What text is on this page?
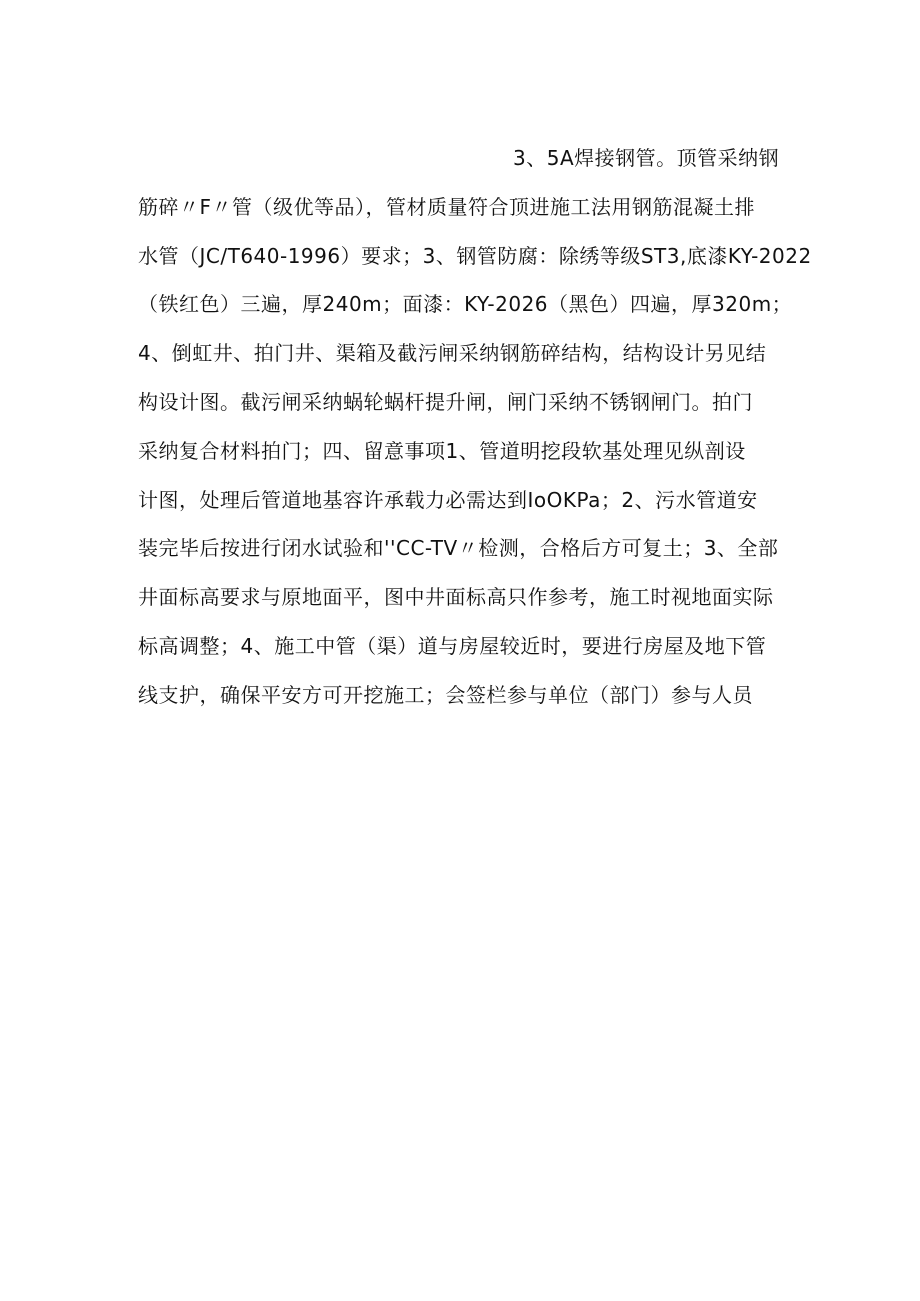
3、5A焊接钢管。顶管采纳钢
筋碎〃F〃管（级优等品），管材质量符合顶进施工法用钢筋混凝土排
水管（JC/T640-1996）要求；3、钢管防腐：除绣等级ST3,底漆KY-2022
（铁红色）三遍，厚240m；面漆：KY-2026（黑色）四遍，厚320m；
4、倒虹井、拍门井、渠箱及截污闸采纳钢筋碎结构，结构设计另见结
构设计图。截污闸采纳蜗轮蜗杆提升闸，闸门采纳不锈钢闸门。拍门
采纳复合材料拍门；四、留意事项1、管道明挖段软基处理见纵剖设
计图，处理后管道地基容许承载力必需达到IoOKPa；2、污水管道安
装完毕后按进行闭水试验和''CC-TV〃检测，合格后方可复土；3、全部
井面标高要求与原地面平，图中井面标高只作参考，施工时视地面实际
标高调整；4、施工中管（渠）道与房屋较近时，要进行房屋及地下管
线支护，确保平安方可开挖施工；会签栏参与单位（部门）参与人员
